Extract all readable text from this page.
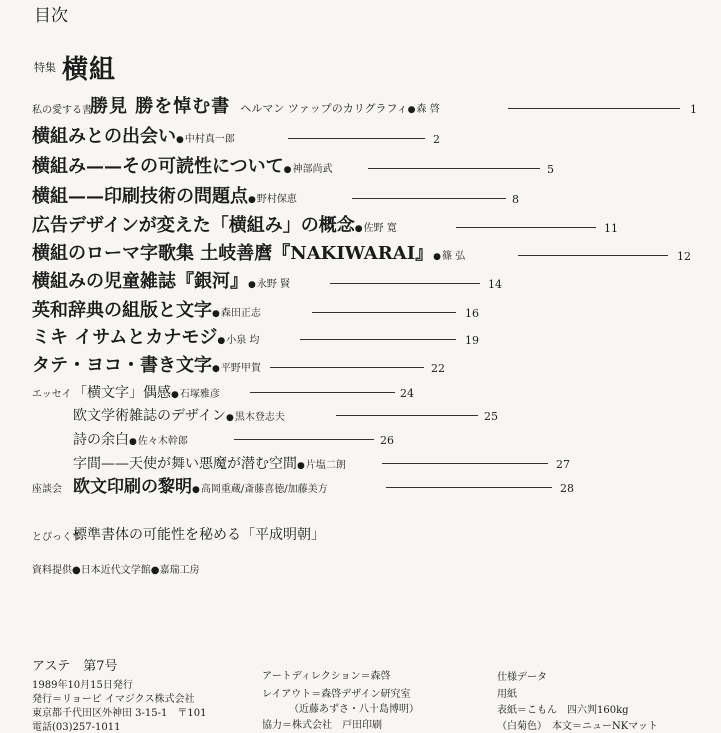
目次
特集 横組
私の愛する書
勝見 勝を悼む書 ヘルマン ツァップのカリグラフィ●森 啓	1
横組みとの出会い●中村真一郎	2
横組み——その可読性について●神部尚武	5
横組——印刷技術の問題点●野村保恵	8
広告デザインが変えた「横組み」の概念●佐野 寛	11
横組のローマ字歌集 土岐善麿『NAKIWARAI』●篠 弘	12
横組みの児童雑誌『銀河』●永野 賢	14
英和辞典の組版と文字●森田正志	16
ミキ イサムとカナモジ●小泉 均	19
タテ・ヨコ・書き文字●平野甲賀	22
エッセイ 「横文字」偶感●石塚雅彦	24
欧文学術雑誌のデザイン●黒木登志夫	25
詩の余白●佐々木幹郎	26
字間——天使が舞い悪魔が潜む空間●片塩二朗	27
座談会 欧文印刷の黎明●高岡重蔵/斎藤喜徳/加藤美方	28
とぴっくす
標準書体の可能性を秘める「平成明朝」
資料提供●日本近代文学館●嘉瑞工房
アステ　第7号
1989年10月15日発行
発行＝リョービ イマジクス株式会社
東京都千代田区外神田 3-15-1　〒101
電話(03)257-1011
アートディレクション＝森啓
レイアウト＝森啓デザイン研究室
（近藤あずさ・八十島博明）
協力＝株式会社　戸田印刷
仕様データ
用紙
表紙＝こもん　四六判160kg
（白菊色）　本文＝ニューNKマット
